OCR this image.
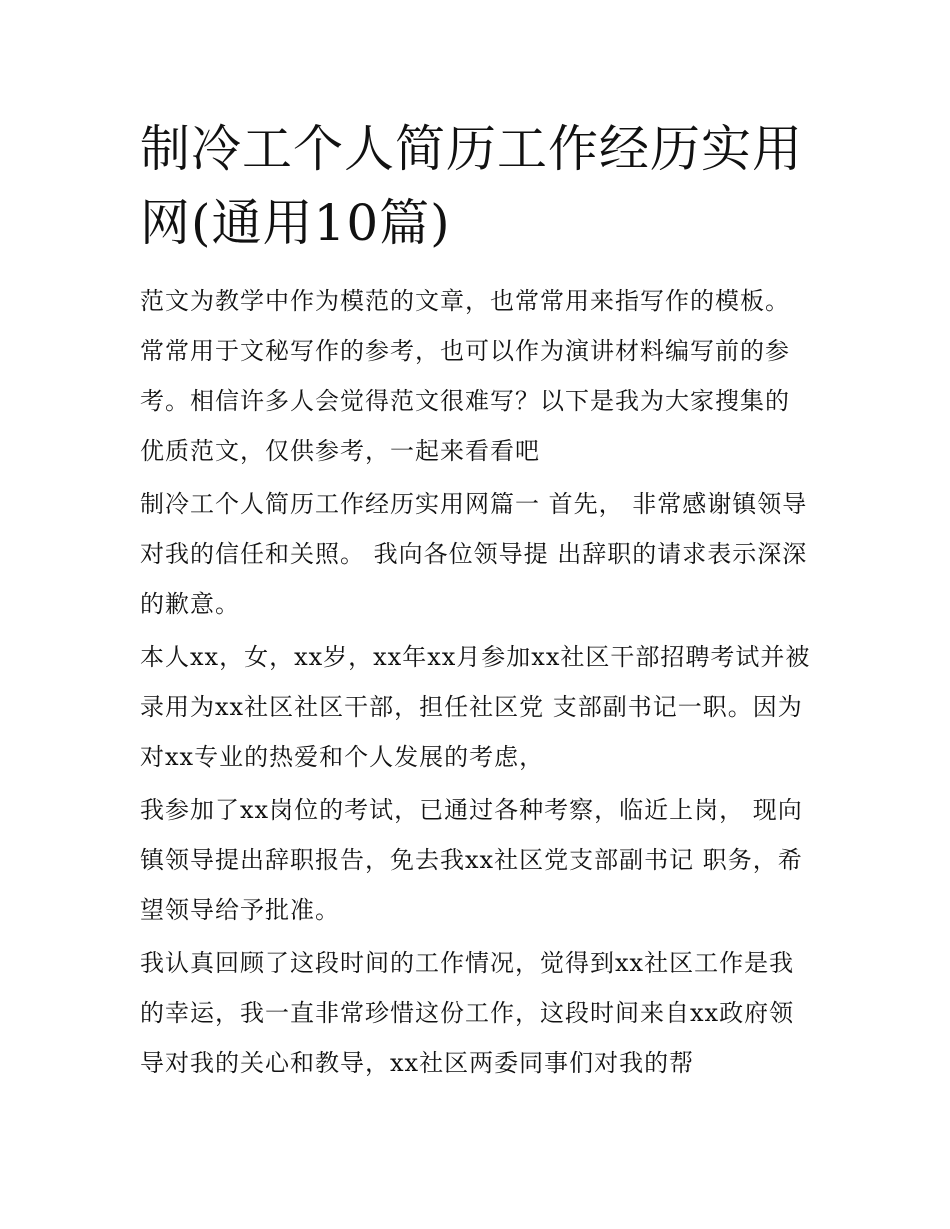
制冷工个人简历工作经历实用网(通用10篇)

范文为教学中作为模范的文章，也常常用来指写作的模板。常常用于文秘写作的参考，也可以作为演讲材料编写前的参考。相信许多人会觉得范文很难写？以下是我为大家搜集的优质范文，仅供参考，一起来看看吧

制冷工个人简历工作经历实用网篇一 首先， 非常感谢镇领导对我的信任和关照。 我向各位领导提 出辞职的请求表示深深的歉意。

本人xx，女，xx岁，xx年xx月参加xx社区干部招聘考试并被录用为xx社区社区干部，担任社区党 支部副书记一职。因为对xx专业的热爱和个人发展的考虑，

我参加了xx岗位的考试，已通过各种考察，临近上岗， 现向镇领导提出辞职报告，免去我xx社区党支部副书记 职务，希望领导给予批准。

我认真回顾了这段时间的工作情况，觉得到xx社区工作是我的幸运，我一直非常珍惜这份工作，这段时间来自xx政府领导对我的关心和教导，xx社区两委同事们对我的帮
